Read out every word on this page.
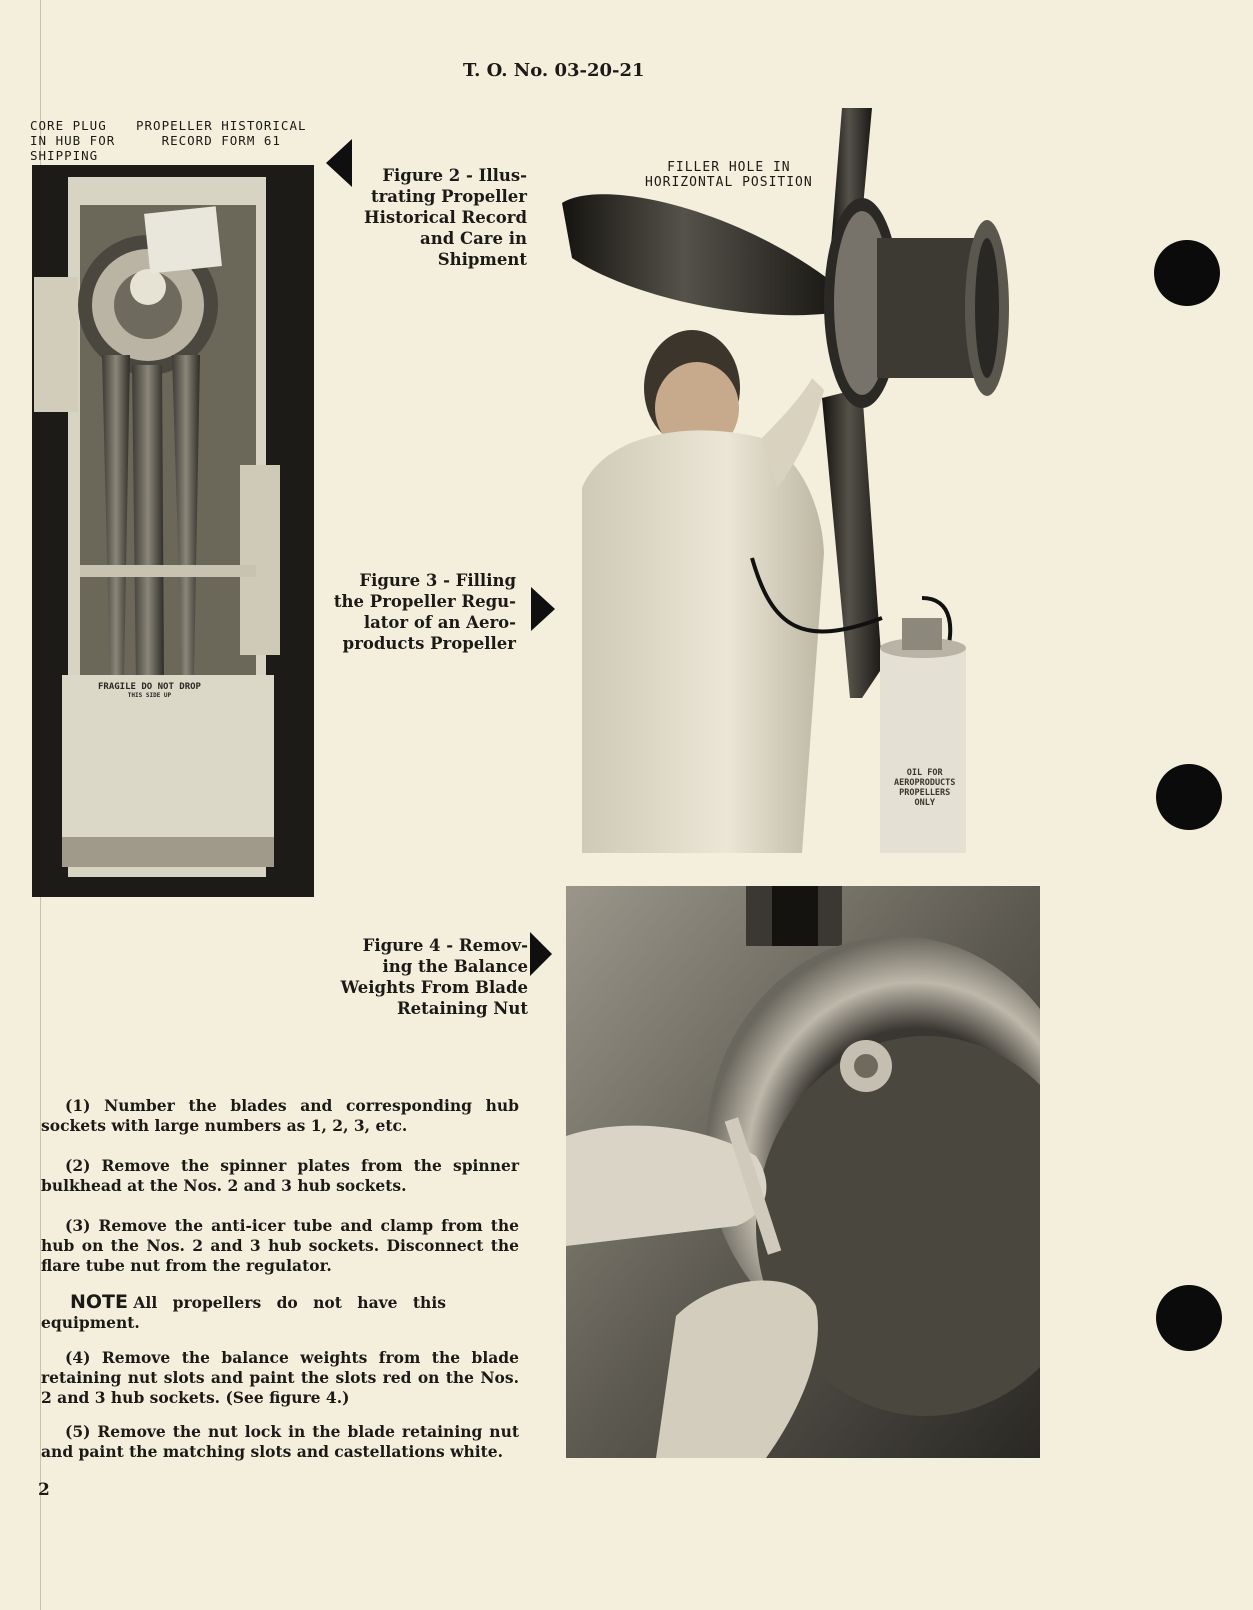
T. O. No. 03-20-21
CORE PLUG
IN HUB FOR
SHIPPING
PROPELLER HISTORICAL
RECORD FORM 61
FRAGILE DO NOT DROP
THIS SIDE UP
Figure 2 - Illus-
trating Propeller
Historical Record
and Care in Shipment
FILLER HOLE IN
HORIZONTAL POSITION
OIL FOR
AEROPRODUCTS
PROPELLERS
ONLY
Figure 3 - Filling
the Propeller Regu-
lator of an Aero-
products Propeller
Figure 4 - Remov-
ing the Balance
Weights From Blade
Retaining Nut
(1) Number the blades and corresponding hub sockets with large numbers as 1, 2, 3, etc.
(2) Remove the spinner plates from the spinner bulkhead at the Nos. 2 and 3 hub sockets.
(3) Remove the anti-icer tube and clamp from the hub on the Nos. 2 and 3 hub sockets. Disconnect the flare tube nut from the regulator.
NOTE All propellers do not have this equipment.
(4) Remove the balance weights from the blade retaining nut slots and paint the slots red on the Nos. 2 and 3 hub sockets. (See figure 4.)
(5) Remove the nut lock in the blade retaining nut and paint the matching slots and castellations white.
2
